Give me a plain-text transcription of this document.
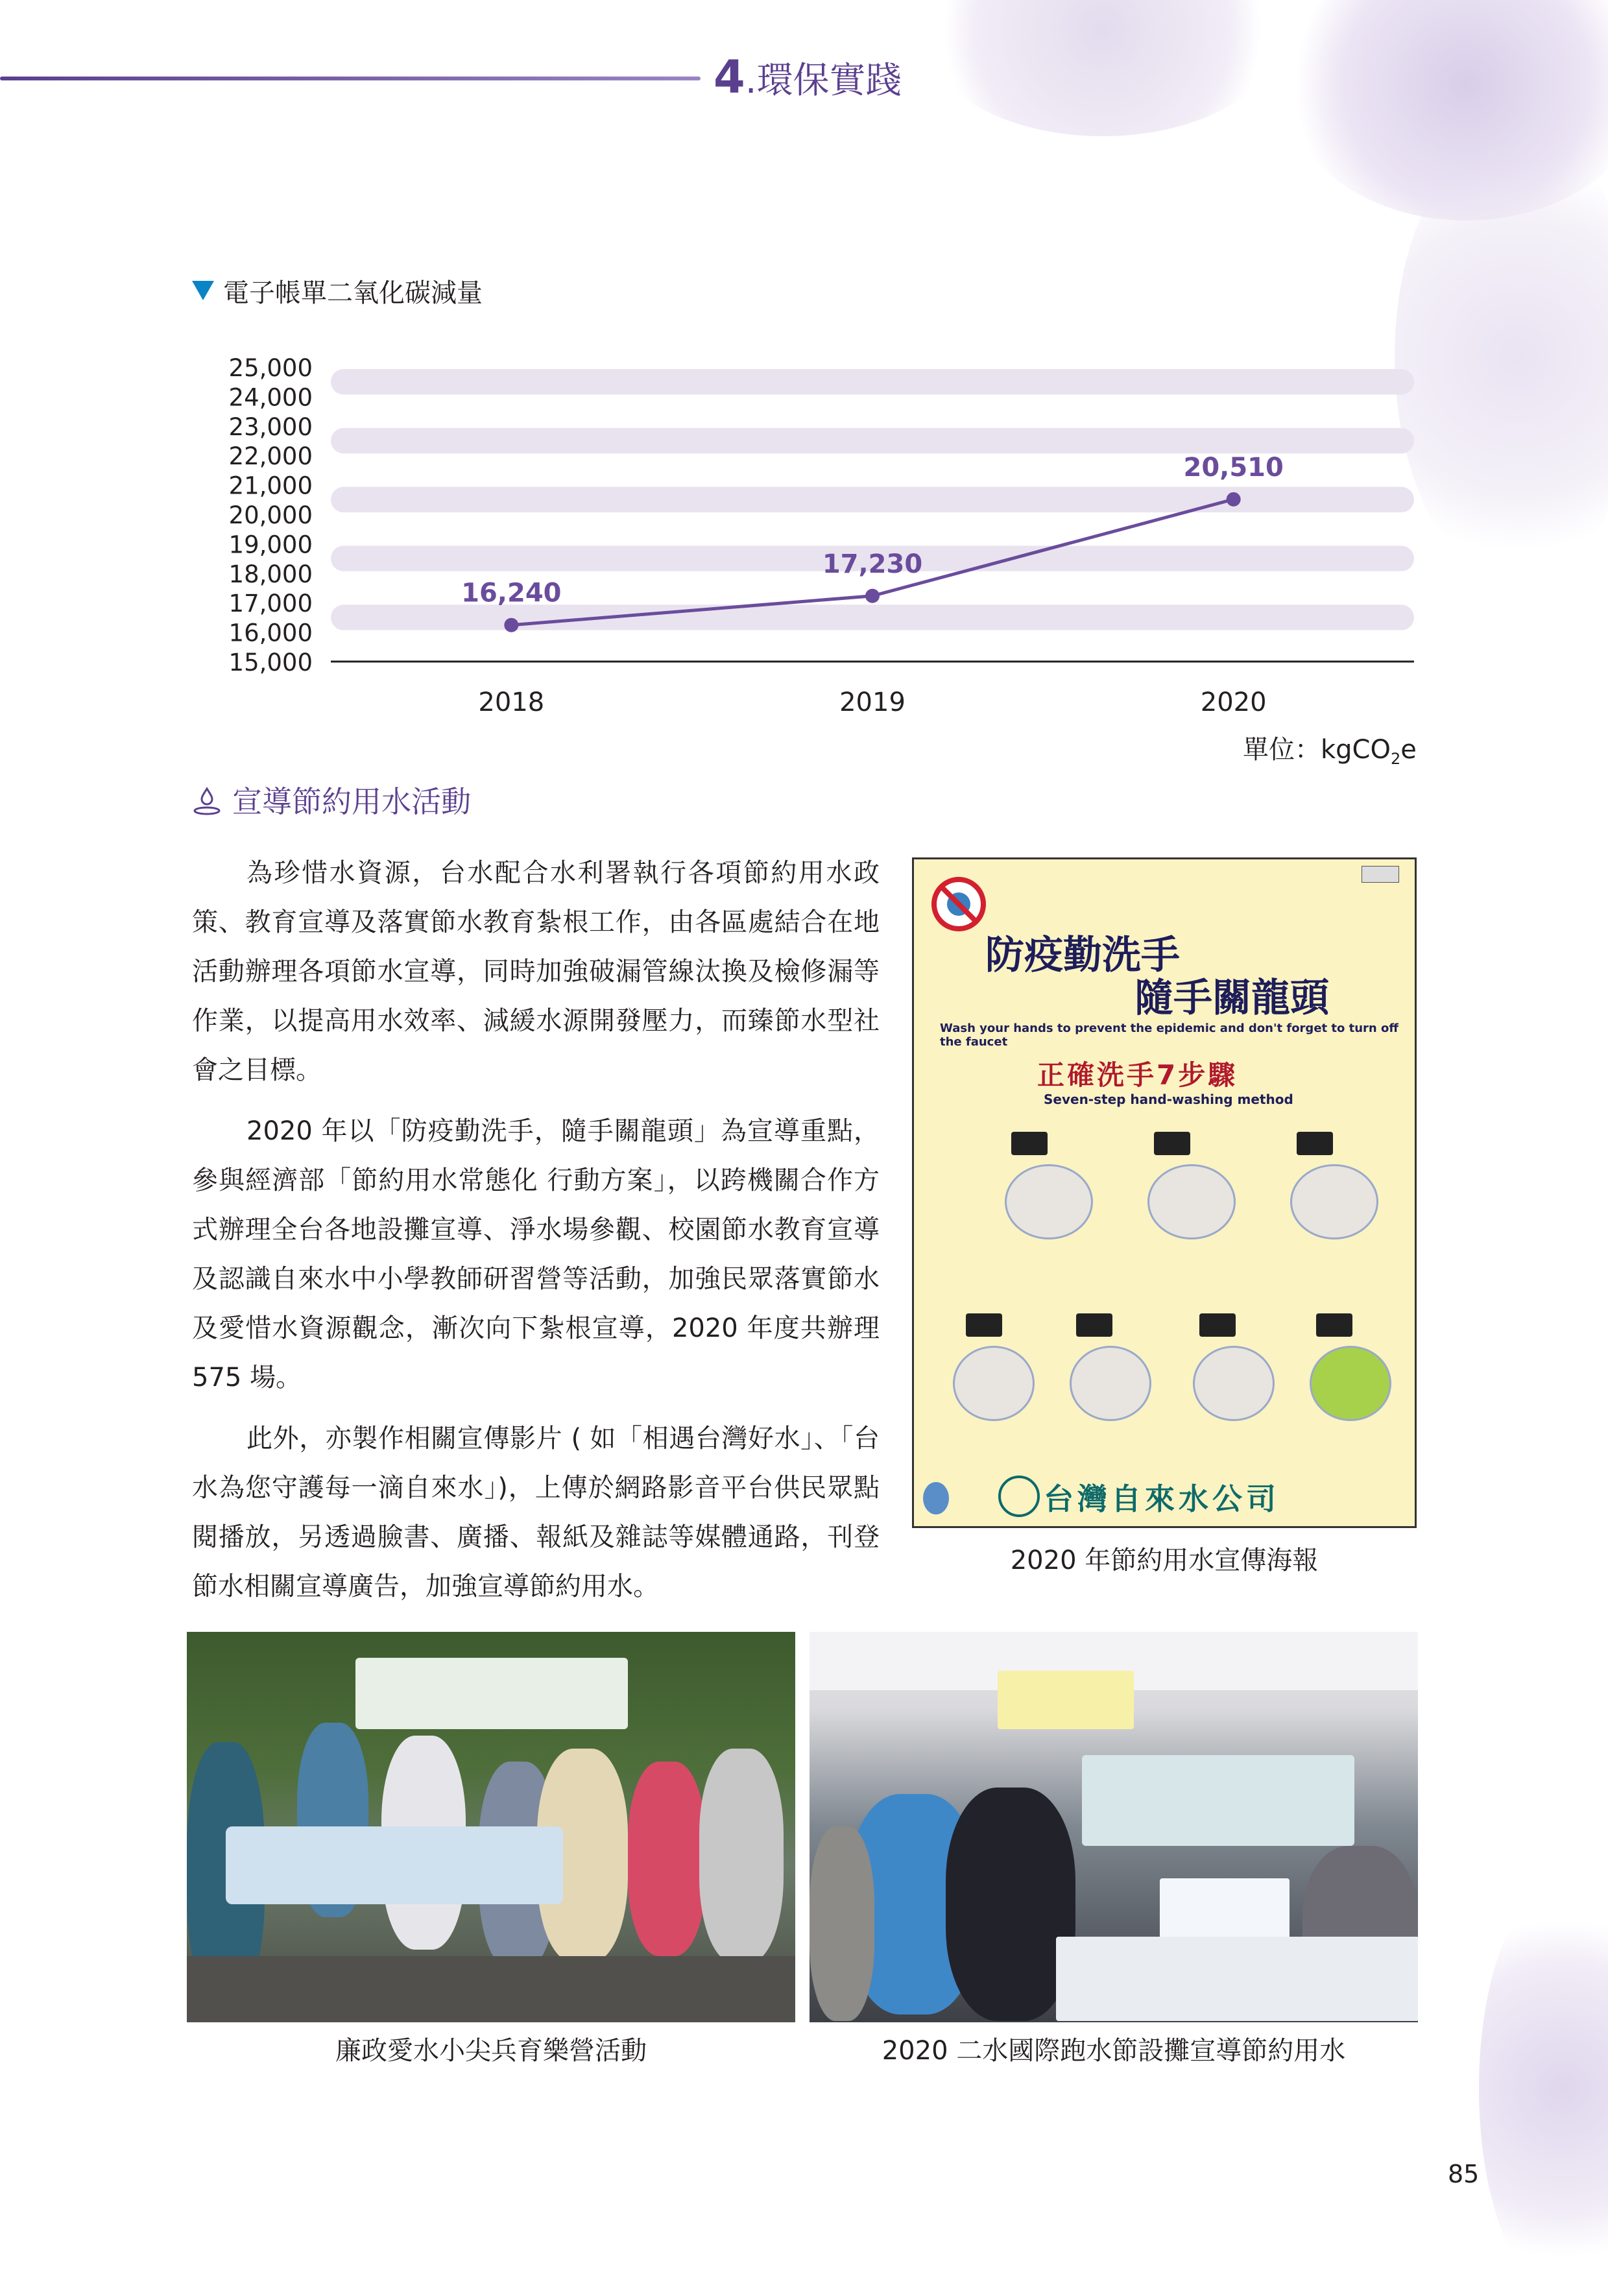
4.環保實踐
電子帳單二氧化碳減量
15,000
16,000
17,000
18,000
19,000
20,000
21,000
22,000
23,000
24,000
25,000
2018	2019	2020
16,240
17,230
20,510
單位：kgCO$_2$e
宣導節約用水活動
為珍惜水資源，台水配合水利署執行各項節約用水政策、教育宣導及落實節水教育紮根工作，由各區處結合在地活動辦理各項節水宣導，同時加強破漏管線汰換及檢修漏等作業，以提高用水效率、減緩水源開發壓力，而臻節水型社會之目標。
2020 年以「防疫勤洗手，隨手關龍頭」為宣導重點，參與經濟部「節約用水常態化 行動方案」，以跨機關合作方式辦理全台各地設攤宣導、淨水場參觀、校園節水教育宣導及認識自來水中小學教師研習營等活動，加強民眾落實節水及愛惜水資源觀念，漸次向下紮根宣導，2020 年度共辦理 575 場。
此外，亦製作相關宣傳影片 ( 如「相遇台灣好水」、「台水為您守護每一滴自來水」)，上傳於網路影音平台供民眾點閱播放，另透過臉書、廣播、報紙及雜誌等媒體通路，刊登節水相關宣導廣告，加強宣導節約用水。
防疫勤洗手
隨手關龍頭
Wash your hands to prevent the epidemic and don't forget to turn off the faucet
正確洗手7步驟
Seven-step hand-washing method
台灣自來水公司
2020 年節約用水宣傳海報
廉政愛水小尖兵育樂營活動	2020 二水國際跑水節設攤宣導節約用水
85
